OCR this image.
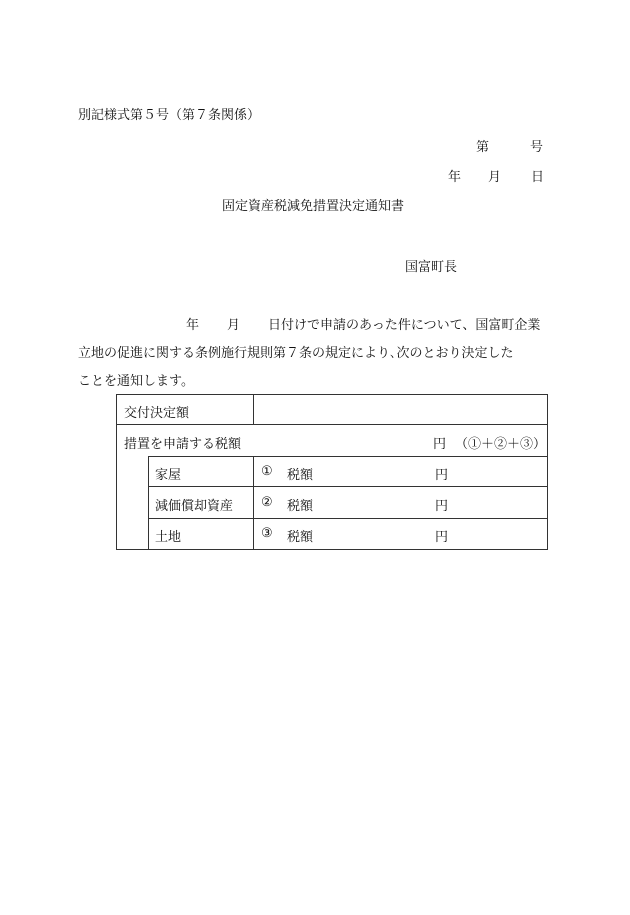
別記様式第５号（第７条関係）
第	号
年 月 日
固定資産税減免措置決定通知書
国富町長
年 月 日付けで申請のあった件について、国富町企業
立地の促進に関する条例施行規則第７条の規定により､次のとおり決定した
ことを通知します。
交付決定額
措置を申請する税額	円 （①＋②＋③）
家屋	① 税額	円
減価償却資産 ② 税額	円
土地	③ 税額	円
